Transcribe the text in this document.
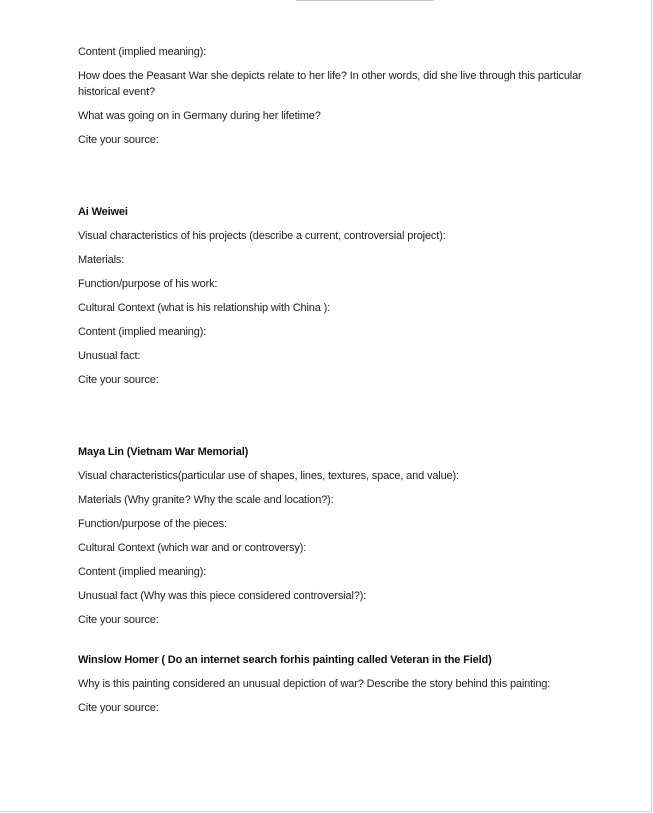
Content (implied meaning):

How does the Peasant War she depicts relate to her life? In other words, did she live through this particular historical event?

What was going on in Germany during her lifetime?

Cite your source:

Ai Weiwei

Visual characteristics of his projects (describe a current, controversial project):

Materials:

Function/purpose of his work:

Cultural Context (what is his relationship with China ):

Content (implied meaning):

Unusual fact:

Cite your source:

Maya Lin (Vietnam War Memorial)

Visual characteristics(particular use of shapes, lines, textures, space, and value):

Materials (Why granite? Why the scale and location?):

Function/purpose of the pieces:

Cultural Context (which war and or controversy):

Content (implied meaning):

Unusual fact (Why was this piece considered controversial?):

Cite your source:

Winslow Homer ( Do an internet search forhis painting called Veteran in the Field)

Why is this painting considered an unusual depiction of war? Describe the story behind this painting:

Cite your source:
